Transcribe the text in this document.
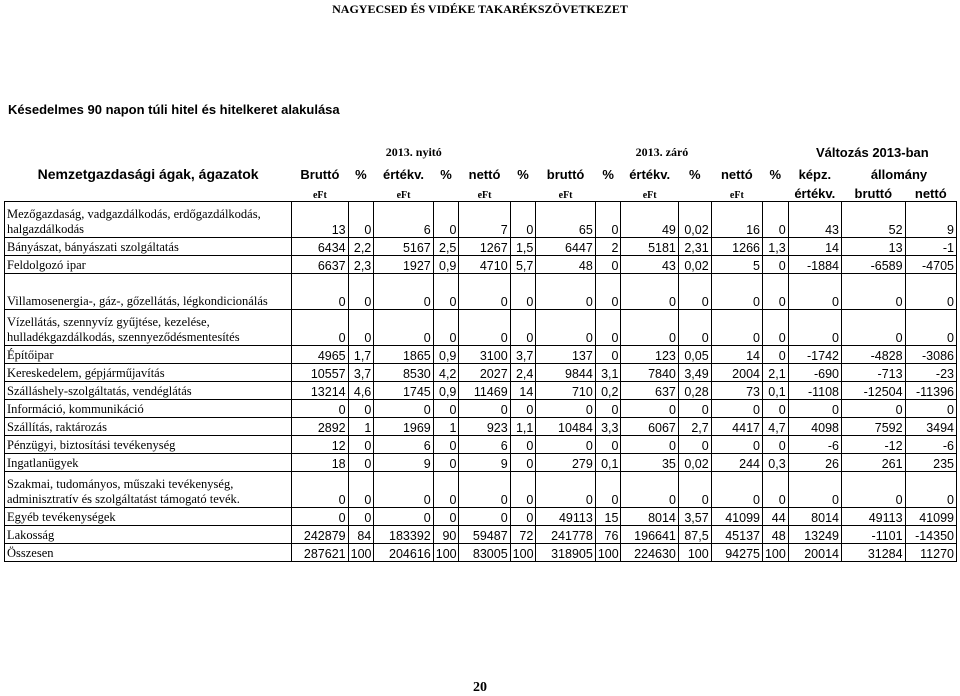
NAGYECSED ÉS VIDÉKE TAKARÉKSZÖVETKEZET
Késedelmes 90 napon túli hitel és hitelkeret alakulása
	2013. nyitó						2013. záró						Változás 2013-ban		
Nemzetgazdasági ágak, ágazatok	Bruttó	%	értékv.	%	nettó	%	bruttó	%	értékv.	%	nettó	%	képz.	állomány	
	eFt		eFt		eFt		eFt		eFt		eFt		értékv.	bruttó	nettó
Mezőgazdaság, vadgazdálkodás, erdőgazdálkodás, halgazdálkodás	13	0	6	0	7	0	65	0	49	0,02	16	0	43	52	9
Bányászat, bányászati szolgáltatás	6434	2,2	5167	2,5	1267	1,5	6447	2	5181	2,31	1266	1,3	14	13	-1
Feldolgozó ipar	6637	2,3	1927	0,9	4710	5,7	48	0	43	0,02	5	0	-1884	-6589	-4705
Villamosenergia-, gáz-, gőzellátás, légkondicionálás	0	0	0	0	0	0	0	0	0	0	0	0	0	0	0
Vízellátás, szennyvíz gyűjtése, kezelése, hulladékgazdálkodás, szennyeződésmentesítés	0	0	0	0	0	0	0	0	0	0	0	0	0	0	0
Építőipar	4965	1,7	1865	0,9	3100	3,7	137	0	123	0,05	14	0	-1742	-4828	-3086
Kereskedelem, gépjárműjavítás	10557	3,7	8530	4,2	2027	2,4	9844	3,1	7840	3,49	2004	2,1	-690	-713	-23
Szálláshely-szolgáltatás, vendéglátás	13214	4,6	1745	0,9	11469	14	710	0,2	637	0,28	73	0,1	-1108	-12504	-11396
Információ, kommunikáció	0	0	0	0	0	0	0	0	0	0	0	0	0	0	0
Szállítás, raktározás	2892	1	1969	1	923	1,1	10484	3,3	6067	2,7	4417	4,7	4098	7592	3494
Pénzügyi, biztosítási tevékenység	12	0	6	0	6	0	0	0	0	0	0	0	-6	-12	-6
Ingatlanügyek	18	0	9	0	9	0	279	0,1	35	0,02	244	0,3	26	261	235
Szakmai, tudományos, műszaki tevékenység, adminisztratív és szolgáltatást támogató tevék.	0	0	0	0	0	0	0	0	0	0	0	0	0	0	0
Egyéb tevékenységek	0	0	0	0	0	0	49113	15	8014	3,57	41099	44	8014	49113	41099
Lakosság	242879	84	183392	90	59487	72	241778	76	196641	87,5	45137	48	13249	-1101	-14350
Összesen	287621	100	204616	100	83005	100	318905	100	224630	100	94275	100	20014	31284	11270
20
